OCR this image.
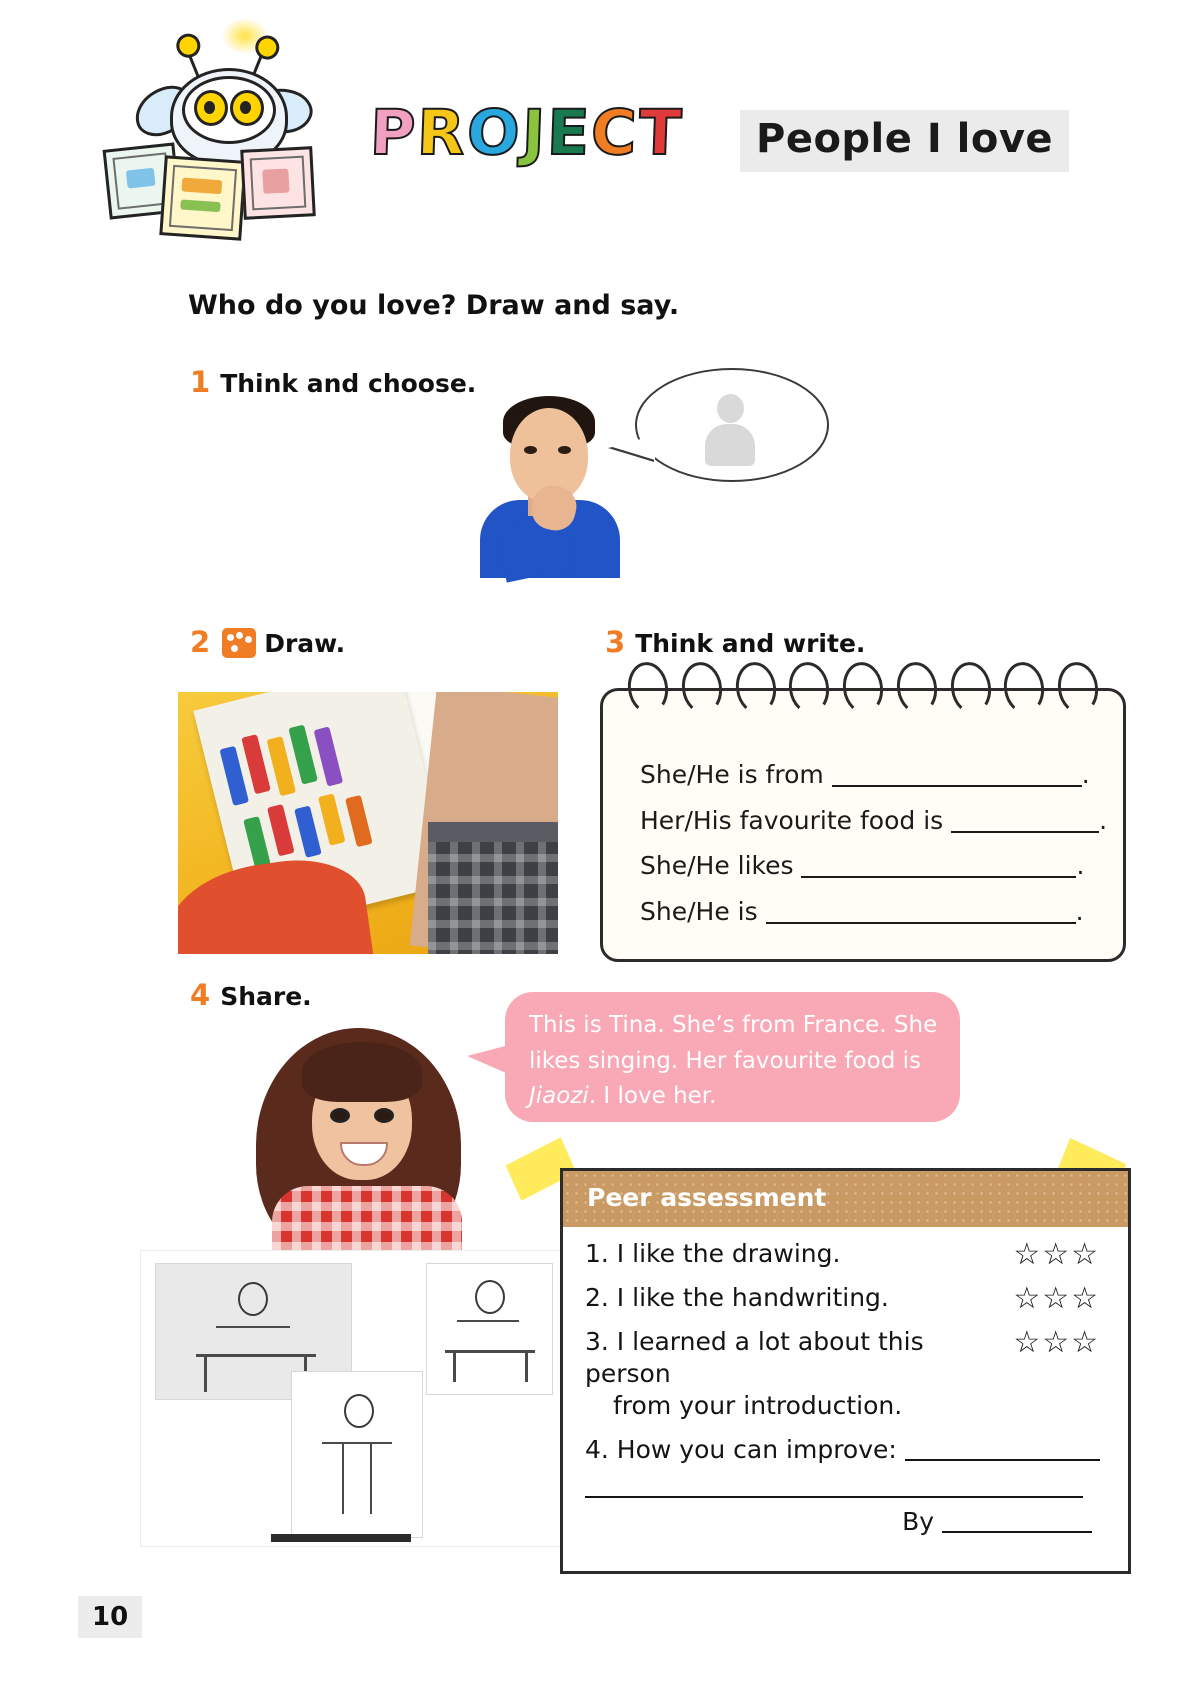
PROJECT	People I love
Who do you love? Draw and say.
1 Think and choose.
2 Draw.	3 Think and write.
She/He is from	.
Her/His favourite food is	.
She/He likes	.
She/He is	.
4 Share.
This is Tina. She’s from France. She likes singing. Her favourite food is Jiaozi. I love her.
Peer assessment
1. I like the drawing.	☆☆☆
2. I like the handwriting.	☆☆☆
3. I learned a lot about this person
from your introduction.
☆☆☆
4. How you can improve:
By
10
